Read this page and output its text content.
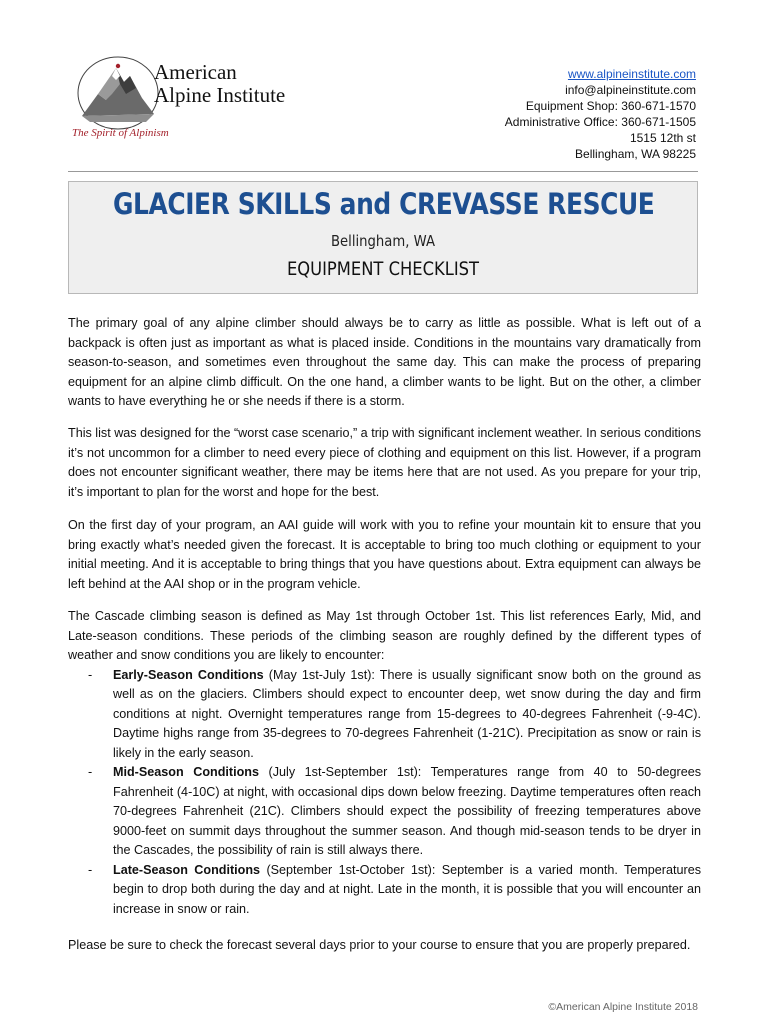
American
Alpine Institute
The Spirit of Alpinism
www.alpineinstitute.com
info@alpineinstitute.com
Equipment Shop: 360-671-1570
Administrative Office: 360-671-1505
1515 12th st
Bellingham, WA 98225
GLACIER SKILLS and CREVASSE RESCUE
Bellingham, WA
EQUIPMENT CHECKLIST

The primary goal of any alpine climber should always be to carry as little as possible. What is left out of a backpack is often just as important as what is placed inside. Conditions in the mountains vary dramatically from season-to-season, and sometimes even throughout the same day. This can make the process of preparing equipment for an alpine climb difficult. On the one hand, a climber wants to be light. But on the other, a climber wants to have everything he or she needs if there is a storm.

This list was designed for the “worst case scenario,” a trip with significant inclement weather. In serious conditions it’s not uncommon for a climber to need every piece of clothing and equipment on this list. However, if a program does not encounter significant weather, there may be items here that are not used. As you prepare for your trip, it’s important to plan for the worst and hope for the best.

On the first day of your program, an AAI guide will work with you to refine your mountain kit to ensure that you bring exactly what’s needed given the forecast. It is acceptable to bring too much clothing or equipment to your initial meeting. And it is acceptable to bring things that you have questions about. Extra equipment can always be left behind at the AAI shop or in the program vehicle.

The Cascade climbing season is defined as May 1st through October 1st. This list references Early, Mid, and Late-season conditions. These periods of the climbing season are roughly defined by the different types of weather and snow conditions you are likely to encounter:

- Early-Season Conditions (May 1st-July 1st): There is usually significant snow both on the ground as well as on the glaciers. Climbers should expect to encounter deep, wet snow during the day and firm conditions at night. Overnight temperatures range from 15-degrees to 40-degrees Fahrenheit (-9-4C). Daytime highs range from 35-degrees to 70-degrees Fahrenheit (1-21C). Precipitation as snow or rain is likely in the early season.
- Mid-Season Conditions (July 1st-September 1st): Temperatures range from 40 to 50-degrees Fahrenheit (4-10C) at night, with occasional dips down below freezing. Daytime temperatures often reach 70-degrees Fahrenheit (21C). Climbers should expect the possibility of freezing temperatures above 9000-feet on summit days throughout the summer season. And though mid-season tends to be dryer in the Cascades, the possibility of rain is still always there.
- Late-Season Conditions (September 1st-October 1st): September is a varied month. Temperatures begin to drop both during the day and at night. Late in the month, it is possible that you will encounter an increase in snow or rain.

Please be sure to check the forecast several days prior to your course to ensure that you are properly prepared.

©American Alpine Institute 2018
